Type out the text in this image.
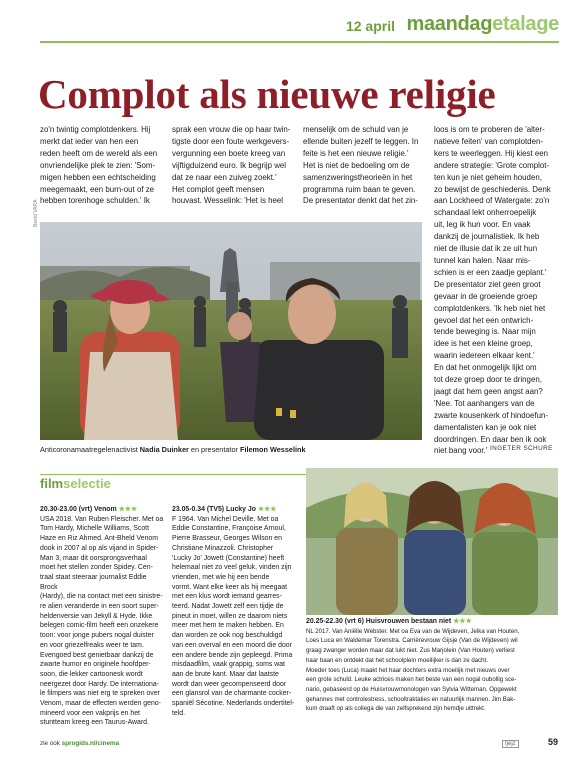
12 april maandagetalage
Complot als nieuwe religie
zo'n twintig complotdenkers. Hij
merkt dat ieder van hen een
reden heeft om de wereld als een
onvriendelijke plek te zien: 'Som-
migen hebben een echtscheiding
meegemaakt, een burn-out of ze
hebben torenhoge schulden.' Ik
sprak een vrouw die op haar twin-
tigste door een foute werkgevers-
vergunning een boete kreeg van
vijftigduizend euro. Ik begrijp wel
dat ze naar een zuiveg zoekt.'
Het complot geeft mensen
houvast. Wesselink: 'Het is heel
menselijk om de schuld van je
ellende buiten jezelf te leggen. In
feite is het een nieuwe religie.'
Het is niet de bedoeling om de
samenzweringstheorieën in het
programma ruim baan te geven.
De presentator denkt dat het zin-
loos is om te proberen de 'alter-
natieve feiten' van complotden-
kers te weerleggen. Hij kiest een
andere strategie: 'Grote complot-
ten kun je niet geheim houden,
zo bewijst de geschiedenis. Denk
aan Lockheed of Watergate: zo'n
schandaal lekt onherroepelijk
uit, leg ik hun voor. En vaak
dankzij de journalistiek. Ik heb
niet de illusie dat ik ze uit hun
tunnel kan halen. Naar mis-
schien is er een zaadje geplant.'
De presentator ziet geen groot
gevaar in de groeiende groep
complotdenkers. 'Ik heb niet het
gevoel dat het een ontwrich-
tende beweging is. Naar mijn
idee is het een kleine groep,
waarin iedereen elkaar kent.'
En dat het onmogelijk lijkt om
tot deze groep door te dringen,
jaagt dat hem geen angst aan?
'Nee. Tot aanhangers van de
zwarte kousenkerk of hindoefun-
damentalisten kan je ook niet
doordringen. En daar ben ik ook
niet bang voor.'
Beeld VARA
Anticoronamaatregelenactivist Nadia Duinker en presentator Filemon Wesselink	INGETER SCHURE
filmselectie
20.30-23.00 (vrt) Venom ★★★
USA 2018. Van Ruben Fleischer. Met oa
Tom Hardy, Michelle Williams, Scott
Haze en Riz Ahmed. Ant-Bheld Venom
dook in 2007 al op als vijand in Spider-
Man 3, maar dit oorsprongsverhaal
moet het stellen zonder Spidey. Cen-
traal staat steeraar journalist Eddie Brock
(Hardy), die na contact met een sinistre-
re alien veranderde in een soort super-
heldenversie van Jekyll & Hyde. Ikke
belegen comic-film heeft een onzekere
toon: voor jonge pubers nogal duister
en voor griezelfreaks weer te tam.
Evengoed best genietbaar dankzij de
zwarte humor en originele hoofdper-
soon, die lekker cartoonesk wordt
neergezet door Hardy. De internationa-
le filmpers was niet erg te spreken over
Venom, maar de effecten werden geno-
mineerd voor een vakprijs en het
stuntteam kreeg een Taurus-Award.
23.05-0.34 (TV5) Lucky Jo ★★★
F 1964. Van Michel Deville. Met oa
Eddie Constantine, Françoise Arnoul,
Pierre Brasseur, Georges Wilson en
Christiane Minazzoli. Christopher
'Lucky Jo' Jowett (Constantine) heeft
helemaal niet zo veel geluk, vinden zijn
vrienden, met wie hij een bende
vormt. Want elke keer als hij meegaat
met een klus wordt iemand gearres-
teerd. Nadat Jowett zelf een tijdje de
pineut in moet, willen ze daarom niets
meer met hem te maken hebben. En
dan worden ze ook nog beschuldigd
van een overval en een moord die door
een andere bende zijn gepleegd. Prima
misdaadfilm, vaak grappig, soms wat
aan de brute kant. Maar dat laatste
wordt dan weer gecompenseerd door
een glansrol van de charmante cocker-
spaniël Sécotine. Nederlands ondertitel-
teld.
20.25-22.30 (vrt 6) Huisvrouwen bestaan niet ★★★
NL 2017. Van Aniëlle Webster. Met oa Eva van de Wijdeven, Jelka van Houten,
Loes Luca en Waldemar Torenstra. Carrièrevrouw Gijsje (Van de Wijdeven) wil
graag zwanger worden maar dat lukt niet. Zus Marjolein (Van Houten) verliest
haar baan en ontdekt dat het schoolplein moeilijker is dan ze dacht.
Moeder toes (Luca) maakt het haar dochters extra moeilijk met nieuws over
een grote schuld. Leuke actrices maken het beste van een nogal oubollig sce-
nario, gebaseerd op de Huisvrouwmonologen van Sylvia Witteman. Opgewekt
gehannes met controlestress, schooltraktaties en natuurlijk mannen. Jim Bak-
kum draaft op als collega die van zelfsprekend zijn hemdje uittrekt.
zie ook sprogids.nl/cinema	tjejz	59
